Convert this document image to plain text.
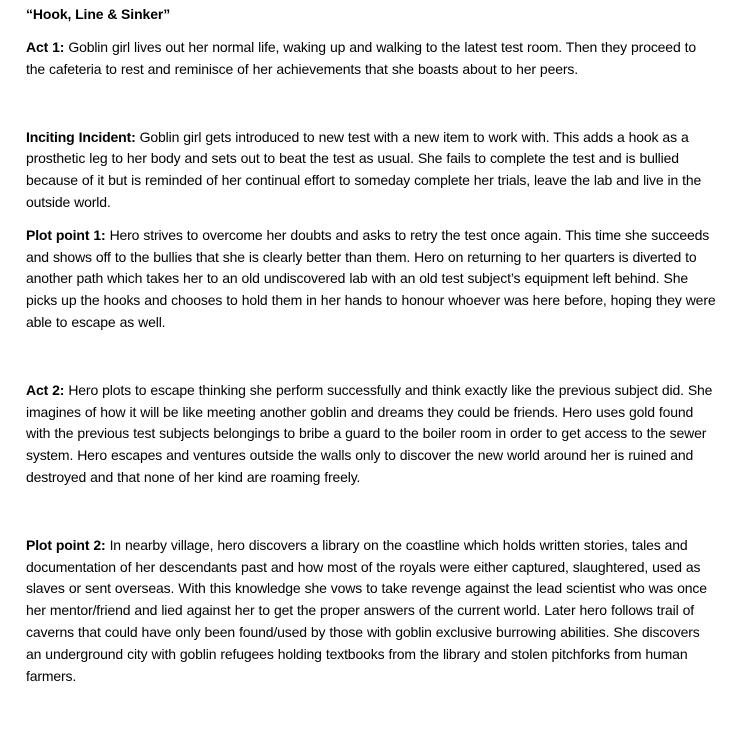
“Hook, Line & Sinker”

Act 1: Goblin girl lives out her normal life, waking up and walking to the latest test room. Then they proceed to the cafeteria to rest and reminisce of her achievements that she boasts about to her peers.

Inciting Incident: Goblin girl gets introduced to new test with a new item to work with. This adds a hook as a prosthetic leg to her body and sets out to beat the test as usual. She fails to complete the test and is bullied because of it but is reminded of her continual effort to someday complete her trials, leave the lab and live in the outside world.

Plot point 1: Hero strives to overcome her doubts and asks to retry the test once again. This time she succeeds and shows off to the bullies that she is clearly better than them. Hero on returning to her quarters is diverted to another path which takes her to an old undiscovered lab with an old test subject’s equipment left behind. She picks up the hooks and chooses to hold them in her hands to honour whoever was here before, hoping they were able to escape as well.

Act 2: Hero plots to escape thinking she perform successfully and think exactly like the previous subject did. She imagines of how it will be like meeting another goblin and dreams they could be friends. Hero uses gold found with the previous test subjects belongings to bribe a guard to the boiler room in order to get access to the sewer system. Hero escapes and ventures outside the walls only to discover the new world around her is ruined and destroyed and that none of her kind are roaming freely.

Plot point 2: In nearby village, hero discovers a library on the coastline which holds written stories, tales and documentation of her descendants past and how most of the royals were either captured, slaughtered, used as slaves or sent overseas. With this knowledge she vows to take revenge against the lead scientist who was once her mentor/friend and lied against her to get the proper answers of the current world. Later hero follows trail of caverns that could have only been found/used by those with goblin exclusive burrowing abilities. She discovers an underground city with goblin refugees holding textbooks from the library and stolen pitchforks from human farmers.
